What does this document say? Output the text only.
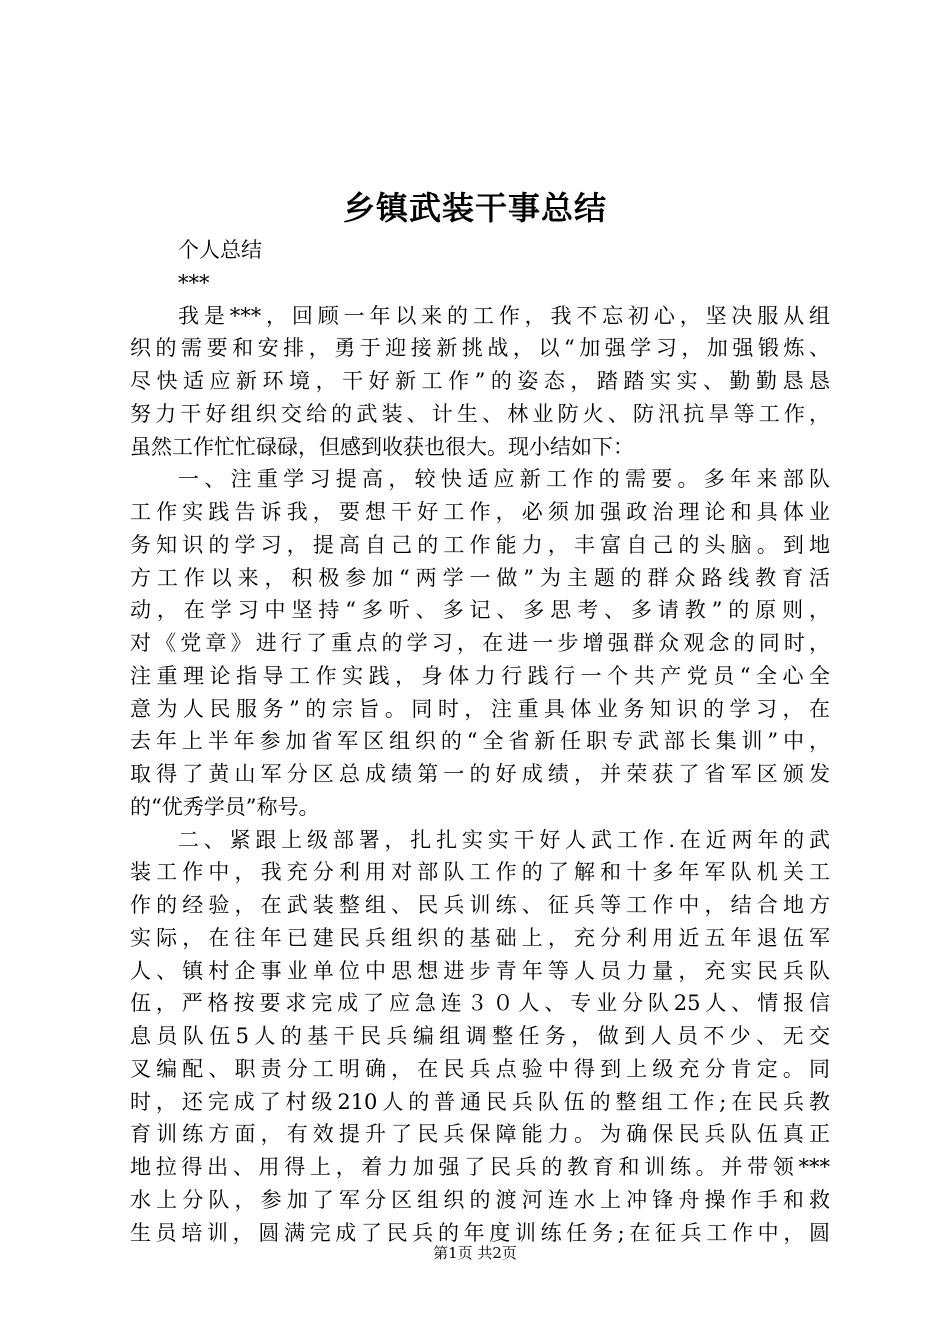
乡镇武装干事总结
个人总结
***
我是***，回顾一年以来的工作，我不忘初心，坚决服从组
织的需要和安排，勇于迎接新挑战，以“加强学习，加强锻炼、
尽快适应新环境，干好新工作”的姿态，踏踏实实、勤勤恳恳
努力干好组织交给的武装、计生、林业防火、防汛抗旱等工作，
虽然工作忙忙碌碌，但感到收获也很大。现小结如下：
一、注重学习提高，较快适应新工作的需要。多年来部队
工作实践告诉我，要想干好工作，必须加强政治理论和具体业
务知识的学习，提高自己的工作能力，丰富自己的头脑。到地
方工作以来，积极参加“两学一做”为主题的群众路线教育活
动，在学习中坚持“多听、多记、多思考、多请教”的原则，
对《党章》进行了重点的学习，在进一步增强群众观念的同时，
注重理论指导工作实践，身体力行践行一个共产党员“全心全
意为人民服务”的宗旨。同时，注重具体业务知识的学习，在
去年上半年参加省军区组织的“全省新任职专武部长集训”中，
取得了黄山军分区总成绩第一的好成绩，并荣获了省军区颁发
的“优秀学员”称号。
二、紧跟上级部署，扎扎实实干好人武工作.在近两年的武
装工作中，我充分利用对部队工作的了解和十多年军队机关工
作的经验，在武装整组、民兵训练、征兵等工作中，结合地方
实际，在往年已建民兵组织的基础上，充分利用近五年退伍军
人、镇村企事业单位中思想进步青年等人员力量，充实民兵队
伍，严格按要求完成了应急连３０人、专业分队25人、情报信
息员队伍5人的基干民兵编组调整任务，做到人员不少、无交
叉编配、职责分工明确，在民兵点验中得到上级充分肯定。同
时，还完成了村级210人的普通民兵队伍的整组工作;在民兵教
育训练方面，有效提升了民兵保障能力。为确保民兵队伍真正
地拉得出、用得上，着力加强了民兵的教育和训练。并带领***
水上分队，参加了军分区组织的渡河连水上冲锋舟操作手和救
生员培训，圆满完成了民兵的年度训练任务;在征兵工作中，圆
第1页 共2页
